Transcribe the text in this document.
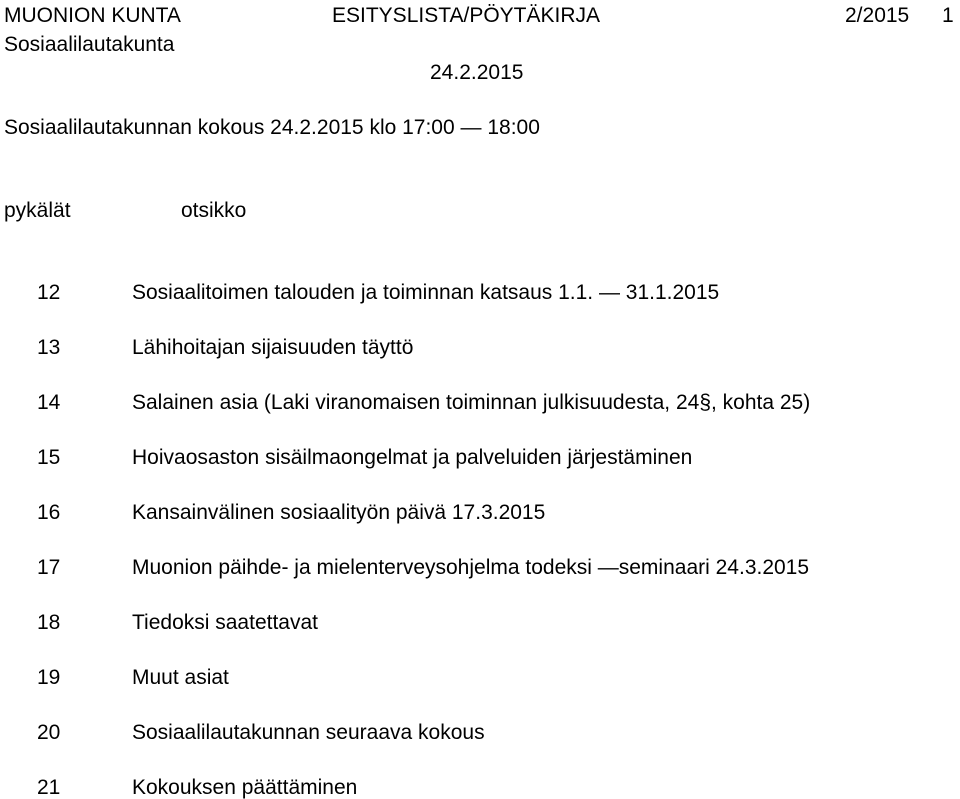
MUONION KUNTA	ESITYSLISTA/PÖYTÄKIRJA	2/2015 1
Sosiaalilautakunta
24.2.2015
Sosiaalilautakunnan kokous 24.2.2015 klo 17:00 — 18:00
pykälät	otsikko
12	Sosiaalitoimen talouden ja toiminnan katsaus 1.1. — 31.1.2015
13	Lähihoitajan sijaisuuden täyttö
14	Salainen asia (Laki viranomaisen toiminnan julkisuudesta, 24§, kohta 25)
15	Hoivaosaston sisäilmaongelmat ja palveluiden järjestäminen
16	Kansainvälinen sosiaalityön päivä 17.3.2015
17	Muonion päihde- ja mielenterveysohjelma todeksi —seminaari 24.3.2015
18	Tiedoksi saatettavat
19	Muut asiat
20	Sosiaalilautakunnan seuraava kokous
21	Kokouksen päättäminen
